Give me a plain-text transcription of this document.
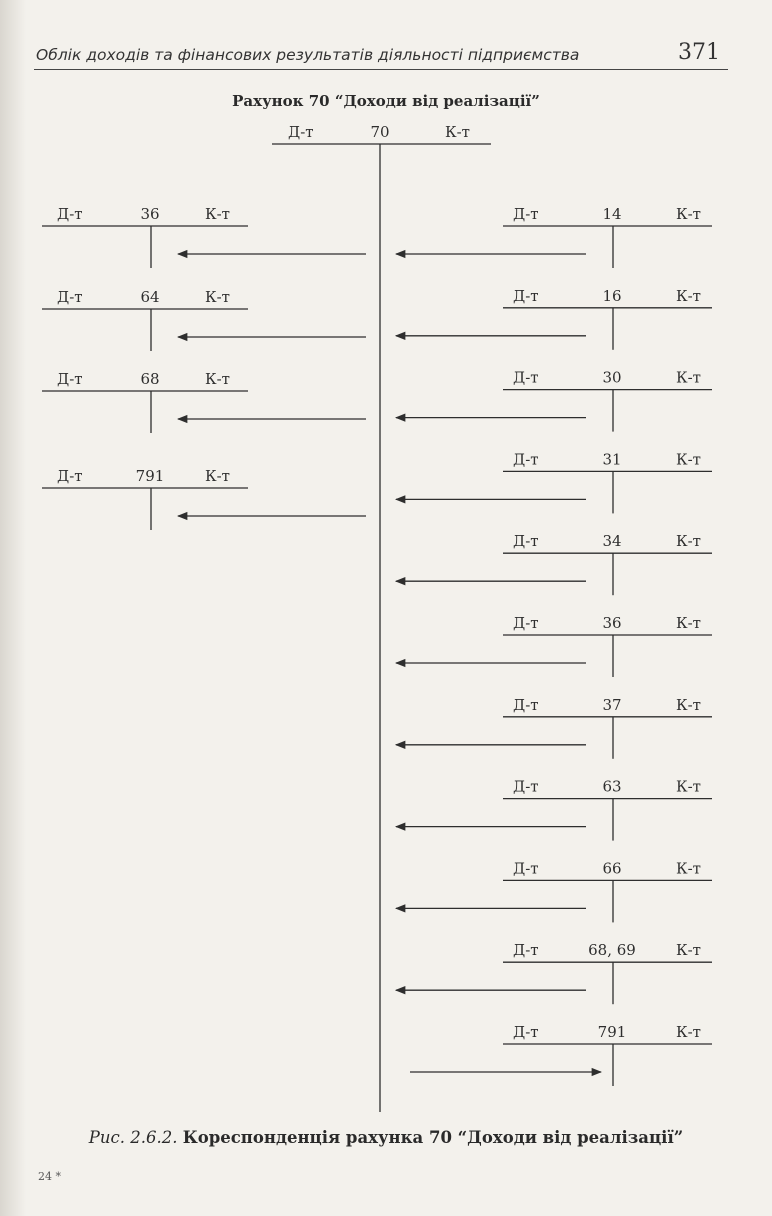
Облік доходів та фінансових результатів діяльності підприємства	371
Рахунок 70 “Доходи від реалізації”
Д-т	70	К-т
Д-т	36	К-т
Д-т	64	К-т
Д-т	68	К-т
Д-т	791	К-т
Д-т	14	К-т
Д-т	16	К-т
Д-т	30	К-т
Д-т	31	К-т
Д-т	34	К-т
Д-т	36	К-т
Д-т	37	К-т
Д-т	63	К-т
Д-т	66	К-т
Д-т	68, 69	К-т
Д-т	791	К-т
Рис. 2.6.2. Кореспонденція рахунка 70 “Доходи від реалізації”
24 *
